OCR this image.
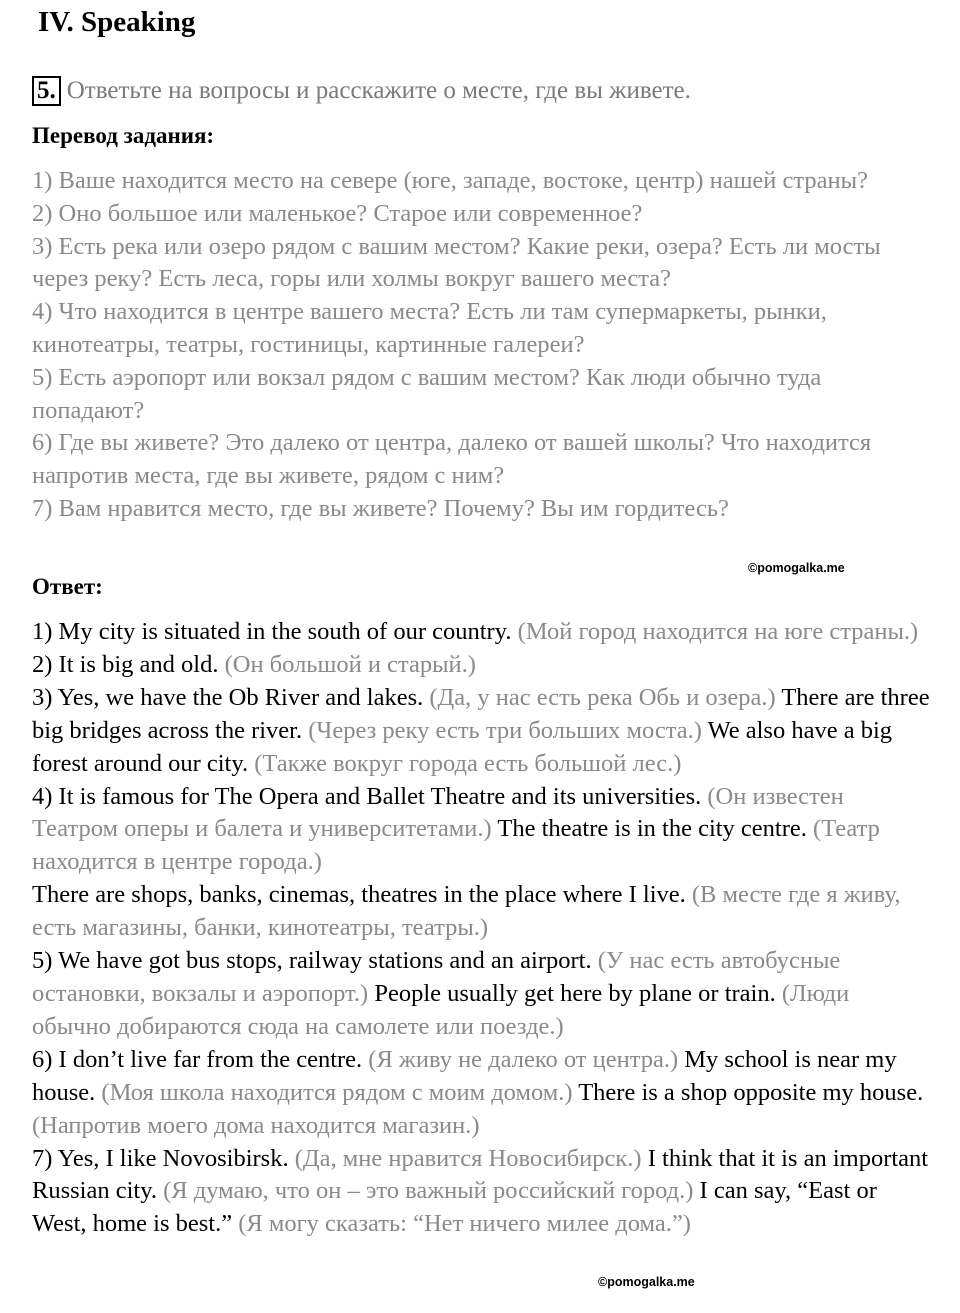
IV. Speaking
5. Ответьте на вопросы и расскажите о месте, где вы живете.
Перевод задания:

1) Ваше находится место на севере (юге, западе, востоке, центр) нашей страны?

2) Оно большое или маленькое? Старое или современное?

3) Есть река или озеро рядом с вашим местом? Какие реки, озера? Есть ли мосты через реку? Есть леса, горы или холмы вокруг вашего места?

4) Что находится в центре вашего места? Есть ли там супермаркеты, рынки, кинотеатры, театры, гостиницы, картинные галереи?

5) Есть аэропорт или вокзал рядом с вашим местом? Как люди обычно туда попадают?

6) Где вы живете? Это далеко от центра, далеко от вашей школы? Что находится напротив места, где вы живете, рядом с ним?

7) Вам нравится место, где вы живете? Почему? Вы им гордитесь?

©pomogalka.me
Ответ:

1) My city is situated in the south of our country. (Мой город находится на юге страны.)

2) It is big and old. (Он большой и старый.)

3) Yes, we have the Ob River and lakes. (Да, у нас есть река Обь и озера.) There are three big bridges across the river. (Через реку есть три больших моста.) We also have a big forest around our city. (Также вокруг города есть большой лес.)

4) It is famous for The Opera and Ballet Theatre and its universities. (Он известен Театром оперы и балета и университетами.) The theatre is in the city centre. (Театр находится в центре города.)

There are shops, banks, cinemas, theatres in the place where I live. (В месте где я живу, есть магазины, банки, кинотеатры, театры.)

5) We have got bus stops, railway stations and an airport. (У нас есть автобусные остановки, вокзалы и аэропорт.) People usually get here by plane or train. (Люди обычно добираются сюда на самолете или поезде.)

6) I don’t live far from the centre. (Я живу не далеко от центра.) My school is near my house. (Моя школа находится рядом с моим домом.) There is a shop opposite my house. (Напротив моего дома находится магазин.)

7) Yes, I like Novosibirsk. (Да, мне нравится Новосибирск.) I think that it is an important Russian city. (Я думаю, что он – это важный российский город.) I can say, “East or West, home is best.” (Я могу сказать: “Нет ничего милее дома.”)

©pomogalka.me
